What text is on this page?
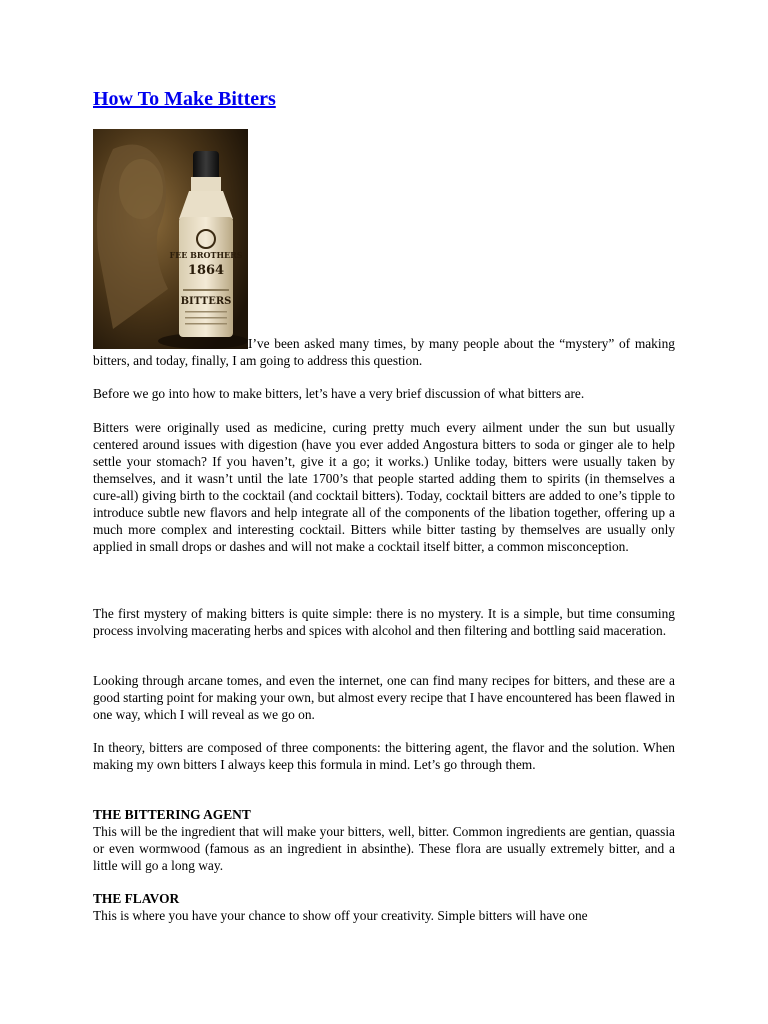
How To Make Bitters
FEE BROTHERS
1864
BITTERS

I’ve been asked many times, by many people about the “mystery” of making bitters, and today, finally, I am going to address this question.

Before we go into how to make bitters, let’s have a very brief discussion of what bitters are.

Bitters were originally used as medicine, curing pretty much every ailment under the sun but usually centered around issues with digestion (have you ever added Angostura bitters to soda or ginger ale to help settle your stomach? If you haven’t, give it a go; it works.) Unlike today, bitters were usually taken by themselves, and it wasn’t until the late 1700’s that people started adding them to spirits (in themselves a cure-all) giving birth to the cocktail (and cocktail bitters). Today, cocktail bitters are added to one’s tipple to introduce subtle new flavors and help integrate all of the components of the libation together, offering up a much more complex and interesting cocktail. Bitters while bitter tasting by themselves are usually only applied in small drops or dashes and will not make a cocktail itself bitter, a common misconception.

The first mystery of making bitters is quite simple: there is no mystery. It is a simple, but time consuming process involving macerating herbs and spices with alcohol and then filtering and bottling said maceration.

Looking through arcane tomes, and even the internet, one can find many recipes for bitters, and these are a good starting point for making your own, but almost every recipe that I have encountered has been flawed in one way, which I will reveal as we go on.

In theory, bitters are composed of three components: the bittering agent, the flavor and the solution. When making my own bitters I always keep this formula in mind. Let’s go through them.

THE BITTERING AGENT

This will be the ingredient that will make your bitters, well, bitter. Common ingredients are gentian, quassia or even wormwood (famous as an ingredient in absinthe). These flora are usually extremely bitter, and a little will go a long way.

THE FLAVOR

This is where you have your chance to show off your creativity. Simple bitters will have one
